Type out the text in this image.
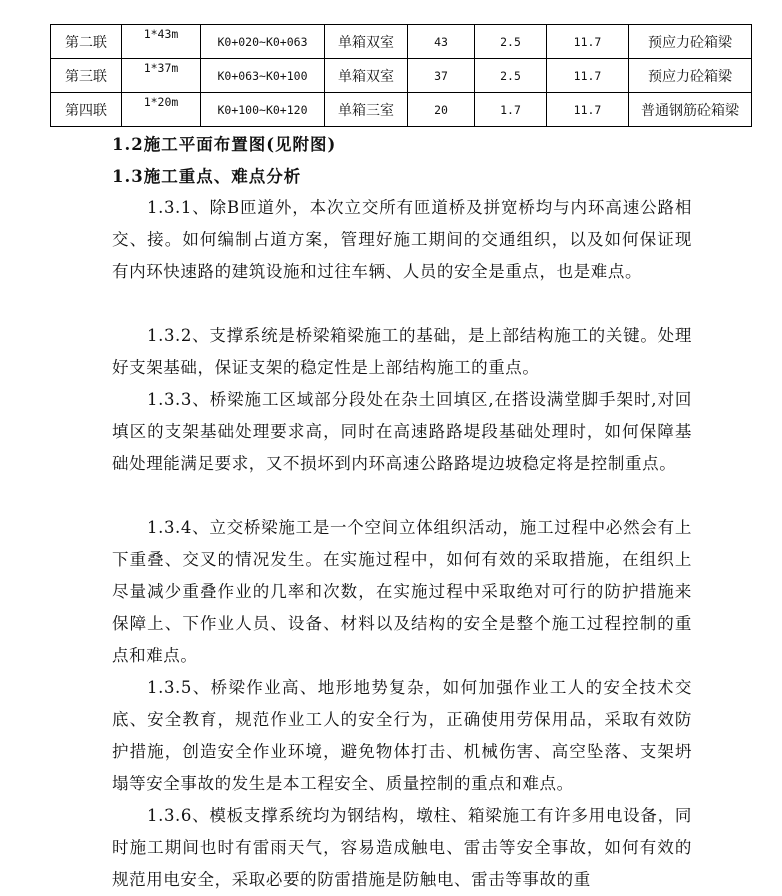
第二联	1*43m	K0+020~K0+063	单箱双室	43	2.5	11.7	预应力砼箱梁
第三联	1*37m	K0+063~K0+100	单箱双室	37	2.5	11.7	预应力砼箱梁
第四联	1*20m	K0+100~K0+120	单箱三室	20	1.7	11.7	普通钢筋砼箱梁
1.2施工平面布置图(见附图)
1.3施工重点、难点分析

1.3.1、除B匝道外，本次立交所有匝道桥及拼宽桥均与内环高速公路相交、接。如何编制占道方案，管理好施工期间的交通组织，以及如何保证现有内环快速路的建筑设施和过往车辆、人员的安全是重点，也是难点。

1.3.2、支撑系统是桥梁箱梁施工的基础，是上部结构施工的关键。处理好支架基础，保证支架的稳定性是上部结构施工的重点。

1.3.3、桥梁施工区域部分段处在杂土回填区,在搭设满堂脚手架时,对回填区的支架基础处理要求高，同时在高速路路堤段基础处理时，如何保障基础处理能满足要求，又不损坏到内环高速公路路堤边坡稳定将是控制重点。

1.3.4、立交桥梁施工是一个空间立体组织活动，施工过程中必然会有上下重叠、交叉的情况发生。在实施过程中，如何有效的采取措施，在组织上尽量减少重叠作业的几率和次数，在实施过程中采取绝对可行的防护措施来保障上、下作业人员、设备、材料以及结构的安全是整个施工过程控制的重点和难点。

1.3.5、桥梁作业高、地形地势复杂，如何加强作业工人的安全技术交底、安全教育，规范作业工人的安全行为，正确使用劳保用品，采取有效防护措施，创造安全作业环境，避免物体打击、机械伤害、高空坠落、支架坍塌等安全事故的发生是本工程安全、质量控制的重点和难点。

1.3.6、模板支撑系统均为钢结构，墩柱、箱梁施工有许多用电设备，同时施工期间也时有雷雨天气，容易造成触电、雷击等安全事故，如何有效的规范用电安全，采取必要的防雷措施是防触电、雷击等事故的重
